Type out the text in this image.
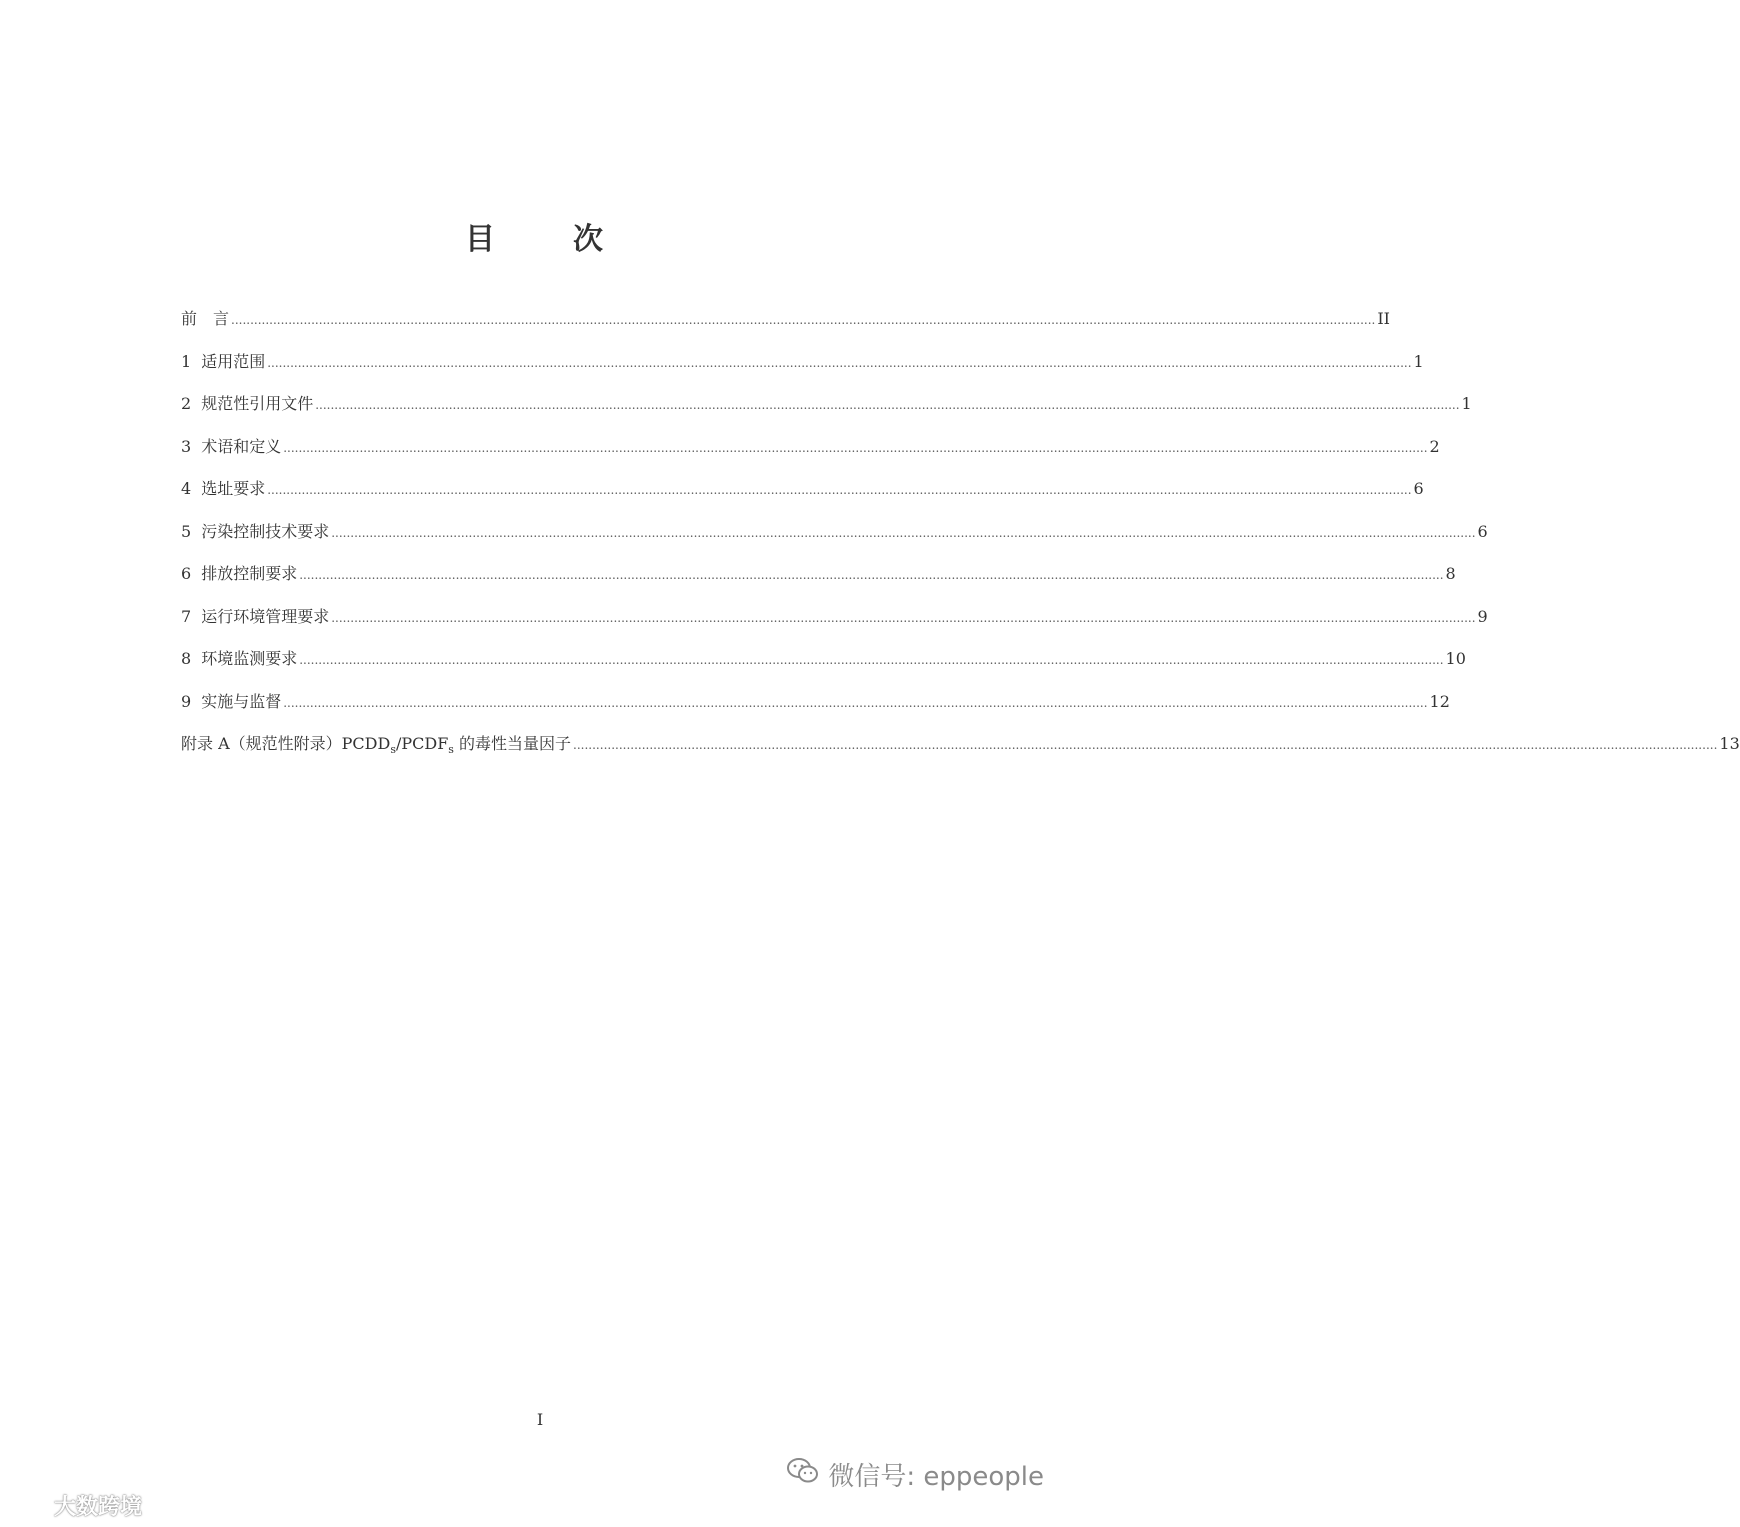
目　次
前　言 ............................................................................................................................................................................................................................................................................................................ II
1 适用范围 ............................................................................................................................................................................................................................................................................................................ 1
2 规范性引用文件 ............................................................................................................................................................................................................................................................................................................ 1
3 术语和定义 ............................................................................................................................................................................................................................................................................................................ 2
4 选址要求 ............................................................................................................................................................................................................................................................................................................ 6
5 污染控制技术要求 ............................................................................................................................................................................................................................................................................................................ 6
6 排放控制要求 ............................................................................................................................................................................................................................................................................................................ 8
7 运行环境管理要求 ............................................................................................................................................................................................................................................................................................................ 9
8 环境监测要求 ............................................................................................................................................................................................................................................................................................................ 10
9 实施与监督 ............................................................................................................................................................................................................................................................................................................ 12
附录 A（规范性附录）$PCDD_s/PCDF_s$ 的毒性当量因子 ............................................................................................................................................................................................................................................................................................................ 13
I
微信号: eppeople
大数跨境
